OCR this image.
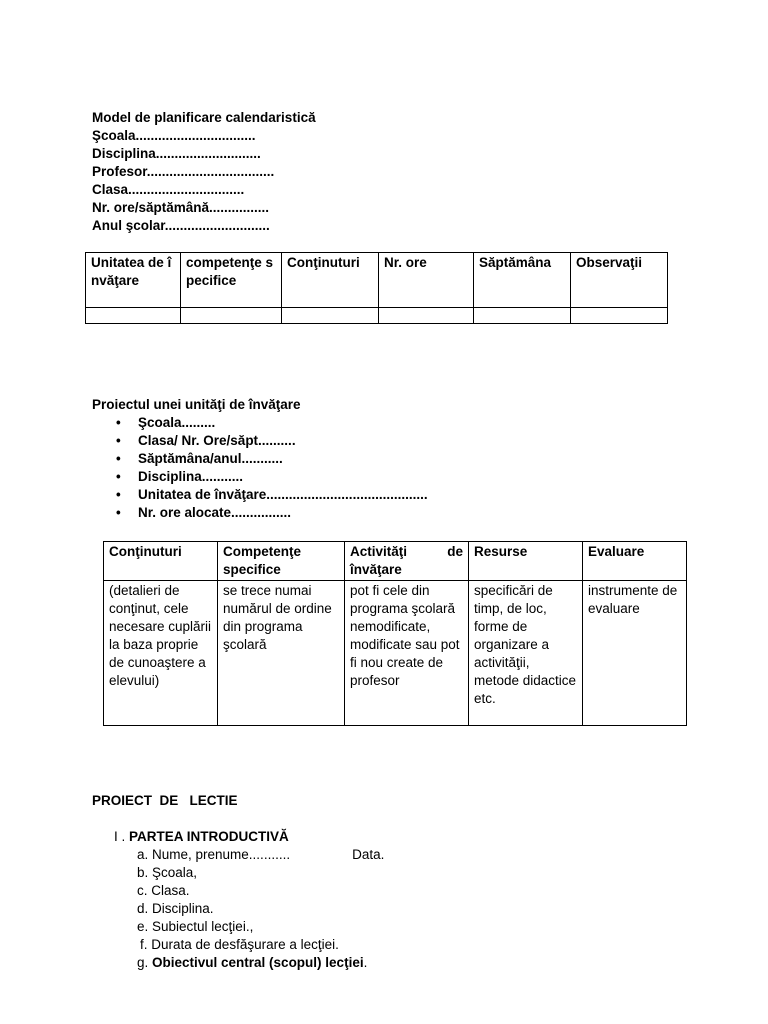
Model de planificare calendaristică
Şcoala................................
Disciplina............................
Profesor..................................
Clasa...............................
Nr. ore/săptămână................
Anul şcolar............................
Unitatea de învăţare	competenţe specifice	Conţinuturi	Nr. ore	Săptămâna	Observaţii

Proiectul unei unităţi de învăţare
• Şcoala.........
• Clasa/ Nr. Ore/săpt..........
• Săptămâna/anul...........
• Disciplina...........
• Unitatea de învăţare...........................................
• Nr. ore alocate................
Conţinuturi	Competenţe specifice	Activităţi de învăţare	Resurse	Evaluare
(detalieri de conţinut, cele necesare cuplării la baza proprie de cunoaştere a elevului)	se trece numai numărul de ordine din programa şcolară	pot fi cele din programa şcolară nemodificate, modificate sau pot fi nou create de profesor	specificări de timp, de loc, forme de organizare a activităţii, metode didactice etc.	instrumente de evaluare
PROIECT  DE   LECTIE
I . PARTEA INTRODUCTIVĂ
a. Nume, prenume...........	Data.
b. Şcoala,
c. Clasa.
d. Disciplina.
e. Subiectul lecţiei.,
f. Durata de desfăşurare a lecţiei.
g. Obiectivul central (scopul) lecţiei.
